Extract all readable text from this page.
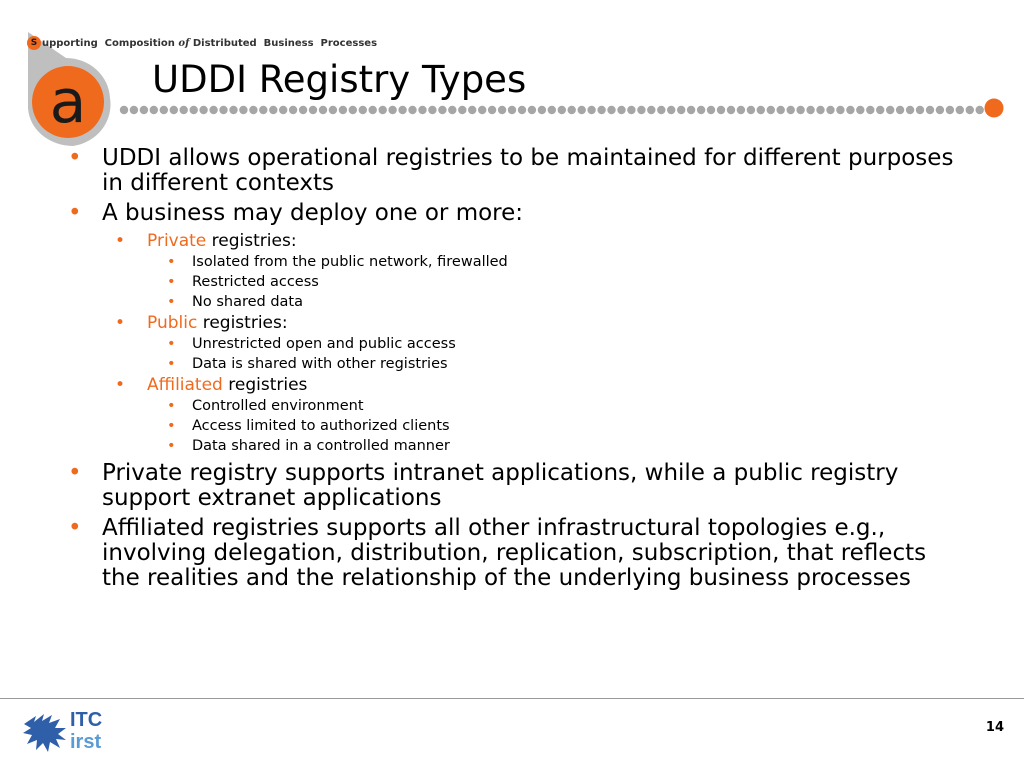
a
S upporting  Composition of Distributed  Business  Processes
UDDI Registry Types
• UDDI allows operational registries to be maintained for different purposes in different contexts
• A business may deploy one or more:
• Private registries:
• Isolated from the public network, firewalled
• Restricted access
• No shared data
• Public registries:
• Unrestricted open and public access
• Data is shared with other registries
• Affiliated registries
• Controlled environment
• Access limited to authorized clients
• Data shared in a controlled manner
• Private registry supports intranet applications, while a public registry support extranet applications
• Affiliated registries supports all other infrastructural topologies e.g., involving delegation, distribution, replication, subscription, that reflects the realities and the relationship of the underlying business processes
ITC
irst
14
